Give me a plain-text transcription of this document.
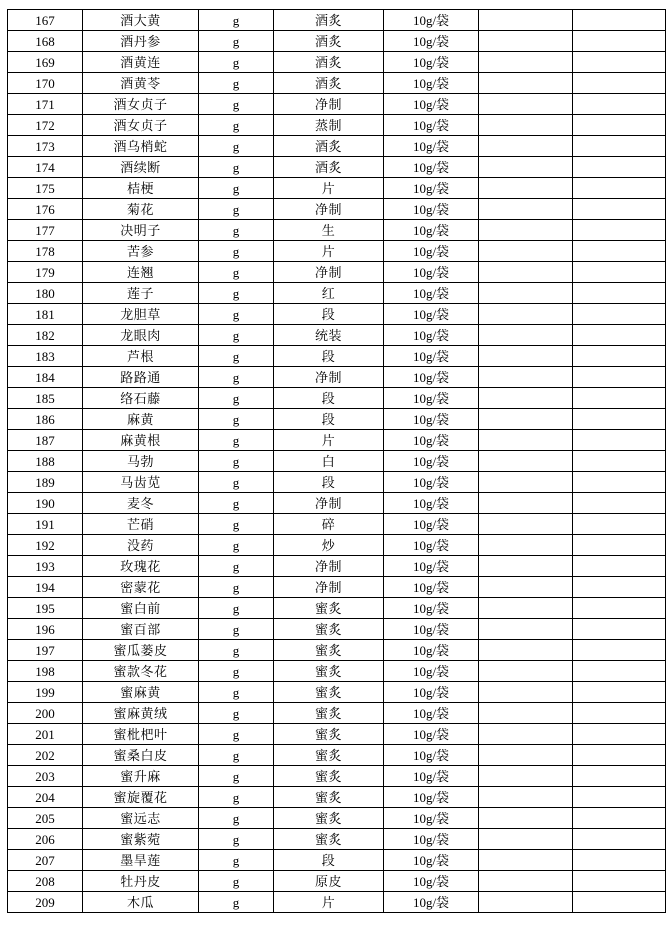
167	酒大黄	g	酒炙	10g/袋		
168	酒丹参	g	酒炙	10g/袋		
169	酒黄连	g	酒炙	10g/袋		
170	酒黄苓	g	酒炙	10g/袋		
171	酒女贞子	g	净制	10g/袋		
172	酒女贞子	g	蒸制	10g/袋		
173	酒乌梢蛇	g	酒炙	10g/袋		
174	酒续断	g	酒炙	10g/袋		
175	桔梗	g	片	10g/袋		
176	菊花	g	净制	10g/袋		
177	决明子	g	生	10g/袋		
178	苦参	g	片	10g/袋		
179	连翘	g	净制	10g/袋		
180	莲子	g	红	10g/袋		
181	龙胆草	g	段	10g/袋		
182	龙眼肉	g	统装	10g/袋		
183	芦根	g	段	10g/袋		
184	路路通	g	净制	10g/袋		
185	络石藤	g	段	10g/袋		
186	麻黄	g	段	10g/袋		
187	麻黄根	g	片	10g/袋		
188	马勃	g	白	10g/袋		
189	马齿苋	g	段	10g/袋		
190	麦冬	g	净制	10g/袋		
191	芒硝	g	碎	10g/袋		
192	没药	g	炒	10g/袋		
193	玫瑰花	g	净制	10g/袋		
194	密蒙花	g	净制	10g/袋		
195	蜜白前	g	蜜炙	10g/袋		
196	蜜百部	g	蜜炙	10g/袋		
197	蜜瓜蒌皮	g	蜜炙	10g/袋		
198	蜜款冬花	g	蜜炙	10g/袋		
199	蜜麻黄	g	蜜炙	10g/袋		
200	蜜麻黄绒	g	蜜炙	10g/袋		
201	蜜枇杷叶	g	蜜炙	10g/袋		
202	蜜桑白皮	g	蜜炙	10g/袋		
203	蜜升麻	g	蜜炙	10g/袋		
204	蜜旋覆花	g	蜜炙	10g/袋		
205	蜜远志	g	蜜炙	10g/袋		
206	蜜紫菀	g	蜜炙	10g/袋		
207	墨旱莲	g	段	10g/袋		
208	牡丹皮	g	原皮	10g/袋		
209	木瓜	g	片	10g/袋		
